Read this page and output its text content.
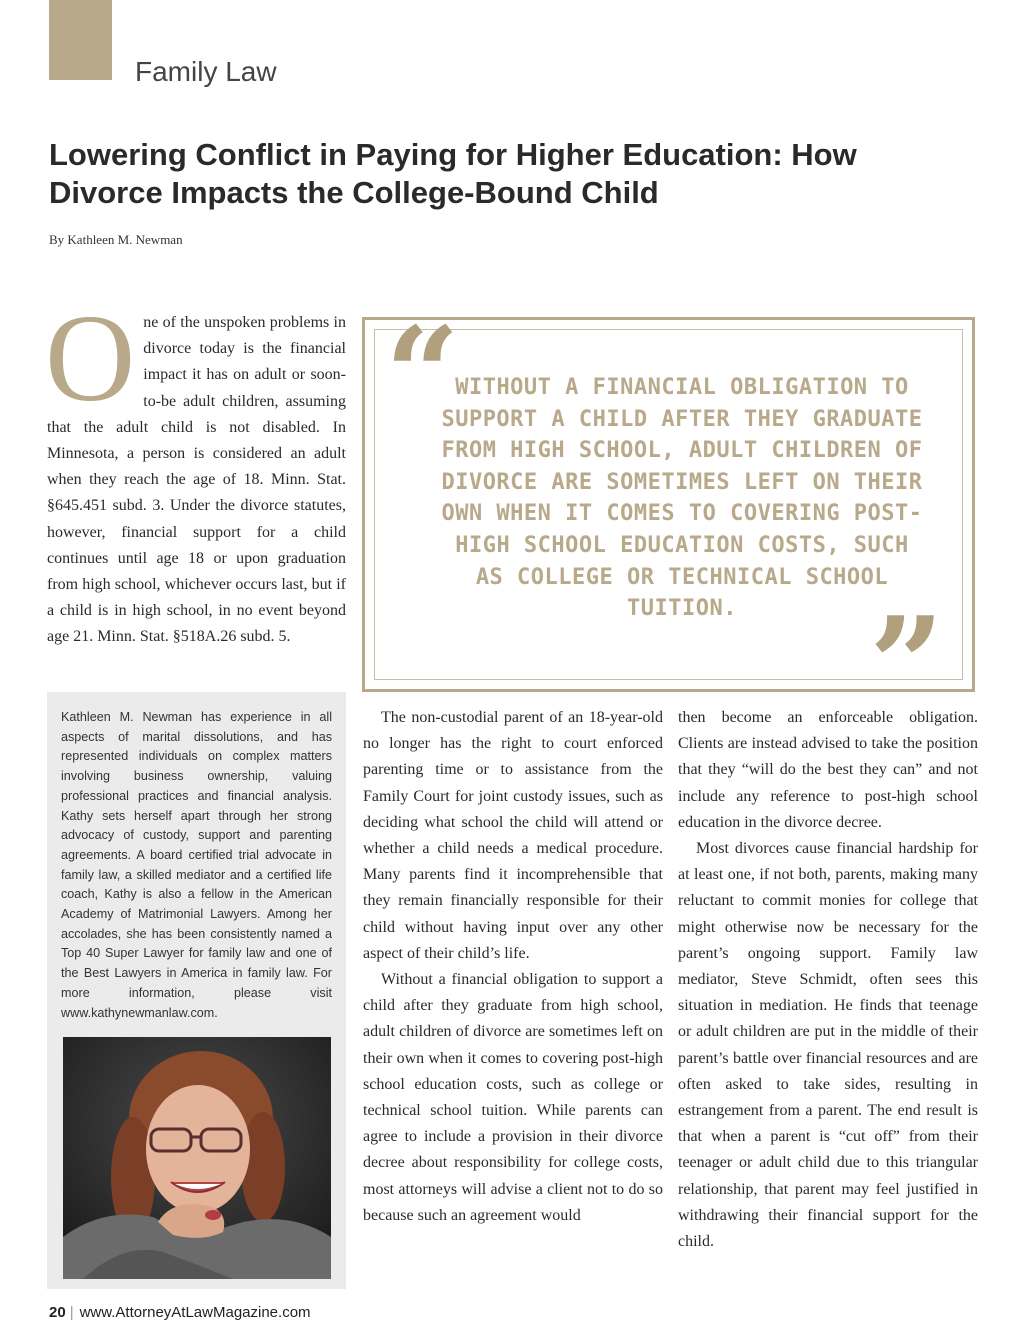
Family Law
Lowering Conflict in Paying for Higher Education: How Divorce Impacts the College-Bound Child
By Kathleen M. Newman
O ne of the unspoken problems in divorce today is the financial impact it has on adult or soon-to-be adult children, assuming that the adult child is not disabled. In Minnesota, a person is considered an adult when they reach the age of 18. Minn. Stat. §645.451 subd. 3. Under the divorce statutes, however, financial support for a child continues until age 18 or upon graduation from high school, whichever occurs last, but if a child is in high school, in no event beyond age 21. Minn. Stat. §518A.26 subd. 5.
“

WITHOUT A FINANCIAL OBLIGATION TO SUPPORT A CHILD AFTER THEY GRADUATE FROM HIGH SCHOOL, ADULT CHILDREN OF DIVORCE ARE SOMETIMES LEFT ON THEIR OWN WHEN IT COMES TO COVERING POST-HIGH SCHOOL EDUCATION COSTS, SUCH AS COLLEGE OR TECHNICAL SCHOOL TUITION.	”
Kathleen M. Newman has experience in all aspects of marital dissolutions, and has represented individuals on complex matters involving business ownership, valuing professional practices and financial analysis. Kathy sets herself apart through her strong advocacy of custody, support and parenting agreements. A board certified trial advocate in family law, a skilled mediator and a certified life coach, Kathy is also a fellow in the American Academy of Matrimonial Lawyers. Among her accolades, she has been consistently named a Top 40 Super Lawyer for family law and one of the Best Lawyers in America in family law. For more information, please visit www.kathynewmanlaw.com.

The non-custodial parent of an 18-year-old no longer has the right to court enforced parenting time or to assistance from the Family Court for joint custody issues, such as deciding what school the child will attend or whether a child needs a medical procedure. Many parents find it incomprehensible that they remain financially responsible for their child without having input over any other aspect of their child’s life.

Without a financial obligation to support a child after they graduate from high school, adult children of divorce are sometimes left on their own when it comes to covering post-high school education costs, such as college or technical school tuition. While parents can agree to include a provision in their divorce decree about responsibility for college costs, most attorneys will advise a client not to do so because such an agreement would

then become an enforceable obligation. Clients are instead advised to take the position that they “will do the best they can” and not include any reference to post-high school education in the divorce decree.

Most divorces cause financial hardship for at least one, if not both, parents, making many reluctant to commit monies for college that might otherwise now be necessary for the parent’s ongoing support. Family law mediator, Steve Schmidt, often sees this situation in mediation. He finds that teenage or adult children are put in the middle of their parent’s battle over financial resources and are often asked to take sides, resulting in estrangement from a parent. The end result is that when a parent is “cut off” from their teenager or adult child due to this triangular relationship, that parent may feel justified in withdrawing their financial support for the child.

20 | www.AttorneyAtLawMagazine.com
